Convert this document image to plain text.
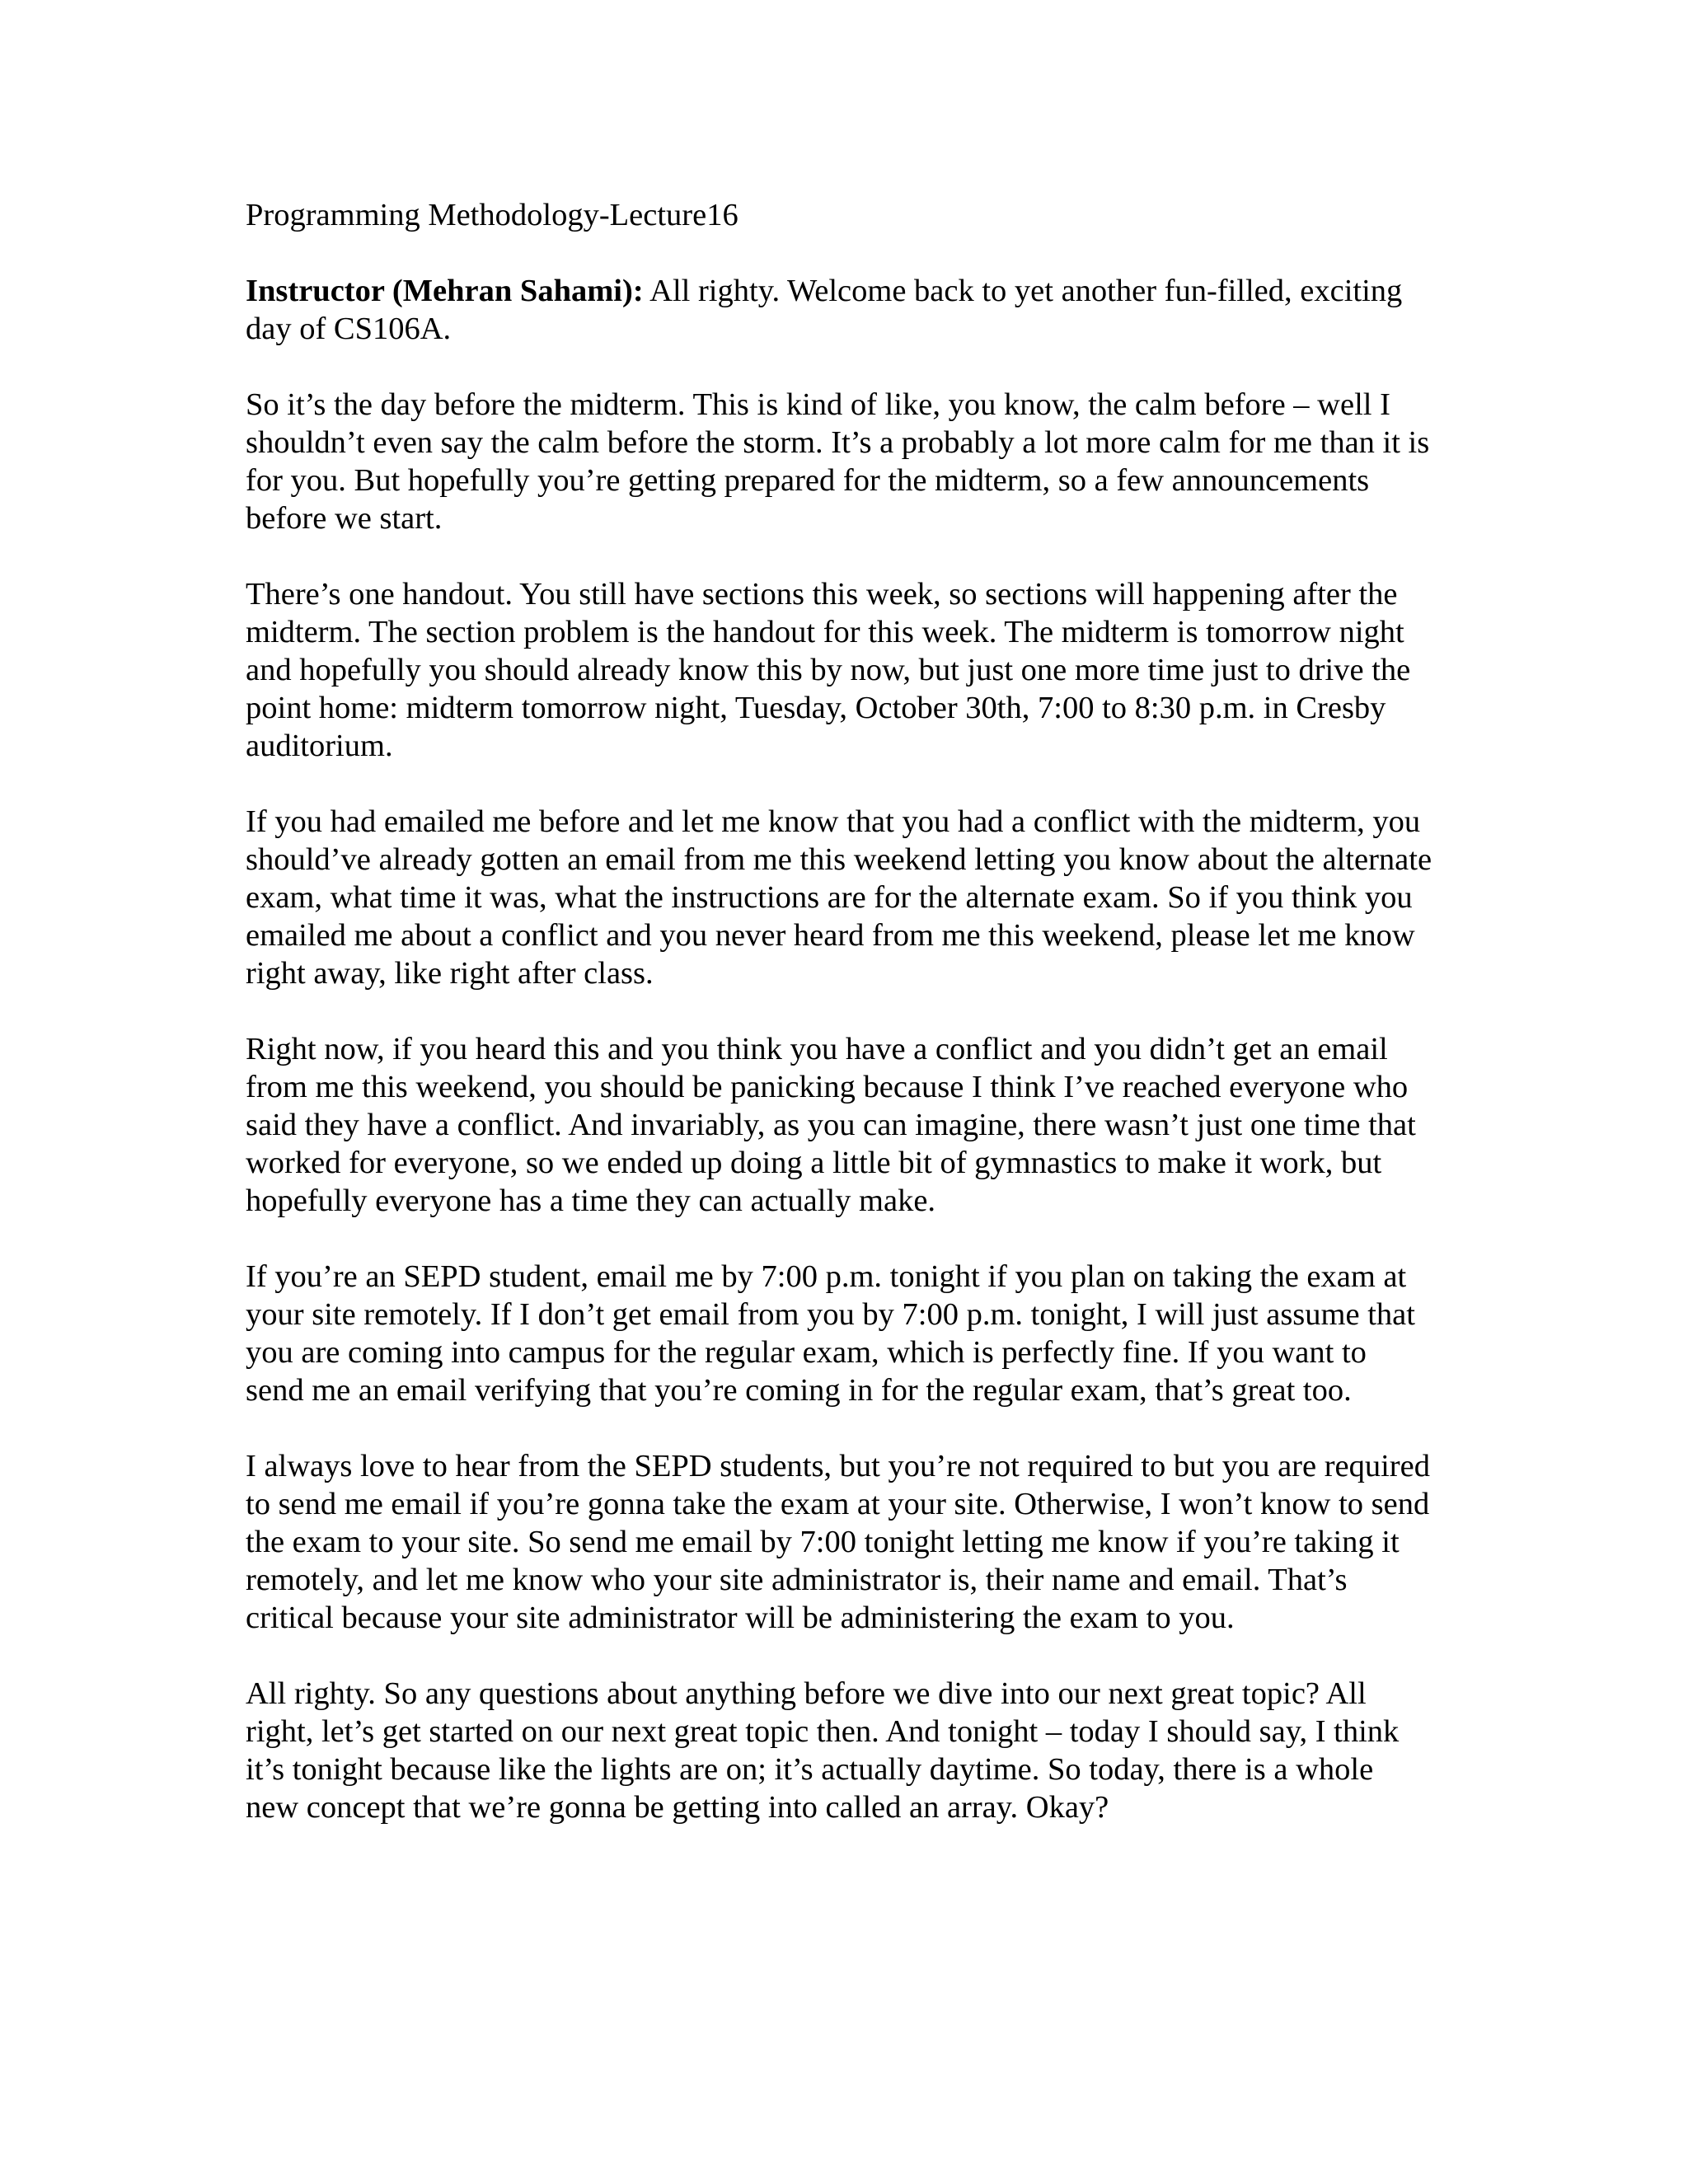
Programming Methodology-Lecture16

Instructor (Mehran Sahami): All righty. Welcome back to yet another fun-filled, exciting day of CS106A.

So it’s the day before the midterm. This is kind of like, you know, the calm before – well I shouldn’t even say the calm before the storm. It’s a probably a lot more calm for me than it is for you. But hopefully you’re getting prepared for the midterm, so a few announcements before we start.

There’s one handout. You still have sections this week, so sections will happening after the midterm. The section problem is the handout for this week. The midterm is tomorrow night and hopefully you should already know this by now, but just one more time just to drive the point home: midterm tomorrow night, Tuesday, October 30th, 7:00 to 8:30 p.m. in Cresby auditorium.

If you had emailed me before and let me know that you had a conflict with the midterm, you should’ve already gotten an email from me this weekend letting you know about the alternate exam, what time it was, what the instructions are for the alternate exam. So if you think you emailed me about a conflict and you never heard from me this weekend, please let me know right away, like right after class.

Right now, if you heard this and you think you have a conflict and you didn’t get an email from me this weekend, you should be panicking because I think I’ve reached everyone who said they have a conflict. And invariably, as you can imagine, there wasn’t just one time that worked for everyone, so we ended up doing a little bit of gymnastics to make it work, but hopefully everyone has a time they can actually make.

If you’re an SEPD student, email me by 7:00 p.m. tonight if you plan on taking the exam at your site remotely. If I don’t get email from you by 7:00 p.m. tonight, I will just assume that you are coming into campus for the regular exam, which is perfectly fine. If you want to send me an email verifying that you’re coming in for the regular exam, that’s great too.

I always love to hear from the SEPD students, but you’re not required to but you are required to send me email if you’re gonna take the exam at your site. Otherwise, I won’t know to send the exam to your site. So send me email by 7:00 tonight letting me know if you’re taking it remotely, and let me know who your site administrator is, their name and email. That’s critical because your site administrator will be administering the exam to you.

All righty. So any questions about anything before we dive into our next great topic? All right, let’s get started on our next great topic then. And tonight – today I should say, I think it’s tonight because like the lights are on; it’s actually daytime. So today, there is a whole new concept that we’re gonna be getting into called an array. Okay?
